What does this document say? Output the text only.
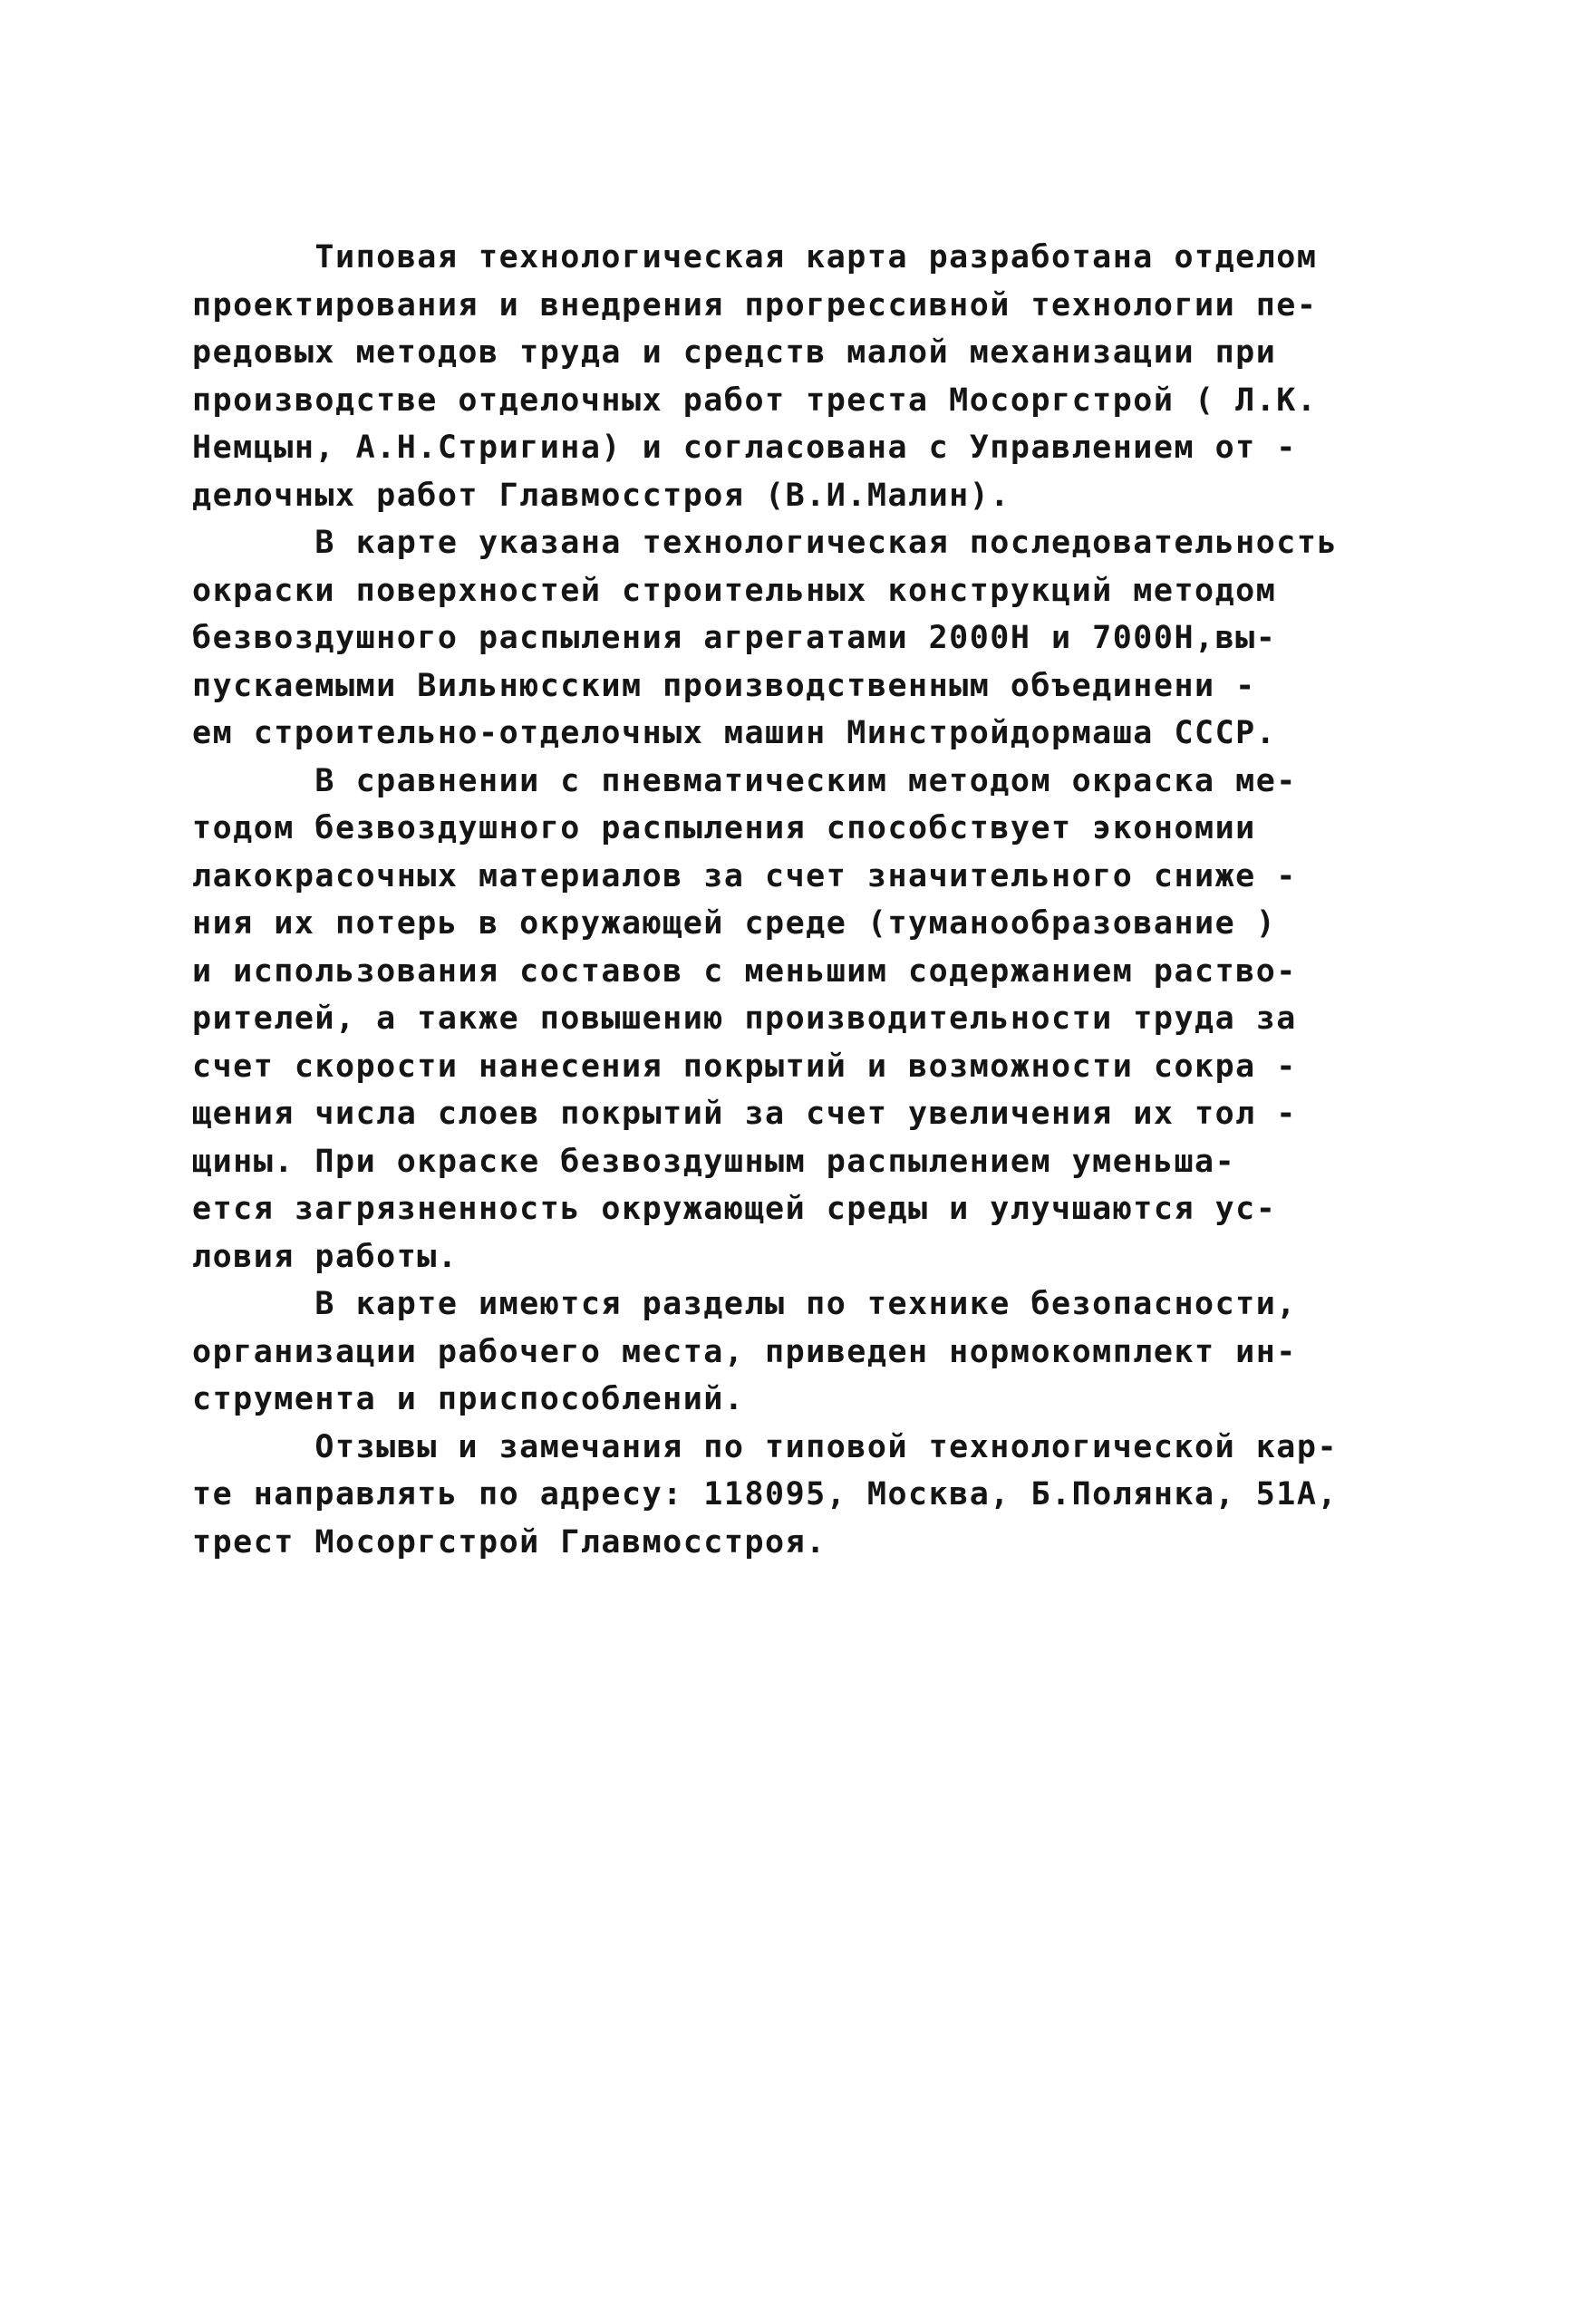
Типовая технологическая карта разработана отделом
проектирования и внедрения прогрессивной технологии пе-
редовых методов труда и средств малой механизации при
производстве отделочных работ треста Мосоргстрой ( Л.К.
Немцын, А.Н.Стригина) и согласована с Управлением от -
делочных работ Главмосстроя (В.И.Малин).
В карте указана технологическая последовательность
окраски поверхностей строительных конструкций методом
безвоздушного распыления агрегатами 2000Н и 7000Н,вы-
пускаемыми Вильнюсским производственным объединени -
ем строительно-отделочных машин Минстройдормаша СССР.
В сравнении с пневматическим методом окраска ме-
тодом безвоздушного распыления способствует экономии
лакокрасочных материалов за счет значительного сниже -
ния их потерь в окружающей среде (туманообразование )
и использования составов с меньшим содержанием раство-
рителей, а также повышению производительности труда за
счет скорости нанесения покрытий и возможности сокра -
щения числа слоев покрытий за счет увеличения их тол -
щины. При окраске безвоздушным распылением уменьша-
ется загрязненность окружающей среды и улучшаются ус-
ловия работы.
В карте имеются разделы по технике безопасности,
организации рабочего места, приведен нормокомплект ин-
струмента и приспособлений.
Отзывы и замечания по типовой технологической кар-
те направлять по адресу: 118095, Москва, Б.Полянка, 51А,
трест Мосоргстрой Главмосстроя.
